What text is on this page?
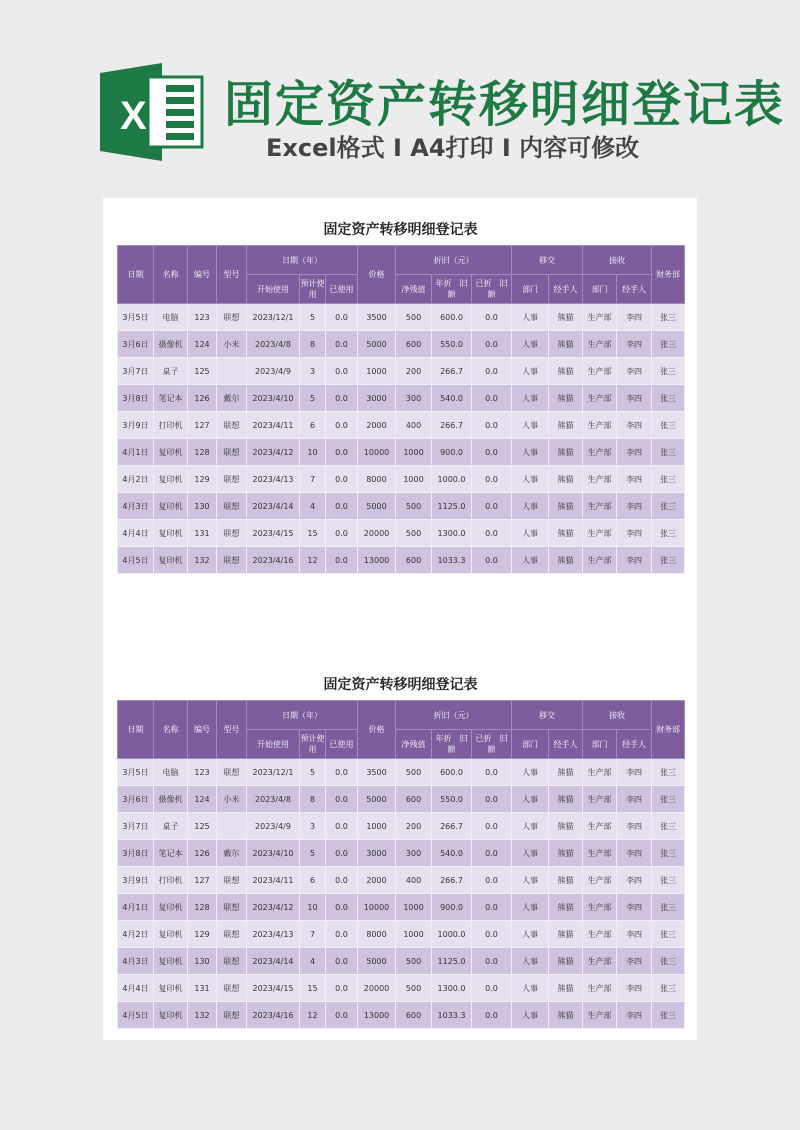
X 固定资产转移明细登记表
Excel格式 I A4打印 I 内容可修改
固定资产转移明细登记表
日期	名称	编号	型号	日期（年）			价格	折旧（元）			移交		接收		财务部
				开始使用	预计使用	已使用		净残值	年折　旧额	已折　旧额	部门	经手人	部门	经手人	
3月5日	电脑	123	联想	2023/12/1	5	0.0	3500	500	600.0	0.0	人事	熊猫	生产部	李四	张三
3月6日	摄像机	124	小米	2023/4/8	8	0.0	5000	600	550.0	0.0	人事	熊猫	生产部	李四	张三
3月7日	桌子	125		2023/4/9	3	0.0	1000	200	266.7	0.0	人事	熊猫	生产部	李四	张三
3月8日	笔记本	126	戴尔	2023/4/10	5	0.0	3000	300	540.0	0.0	人事	熊猫	生产部	李四	张三
3月9日	打印机	127	联想	2023/4/11	6	0.0	2000	400	266.7	0.0	人事	熊猫	生产部	李四	张三
4月1日	复印机	128	联想	2023/4/12	10	0.0	10000	1000	900.0	0.0	人事	熊猫	生产部	李四	张三
4月2日	复印机	129	联想	2023/4/13	7	0.0	8000	1000	1000.0	0.0	人事	熊猫	生产部	李四	张三
4月3日	复印机	130	联想	2023/4/14	4	0.0	5000	500	1125.0	0.0	人事	熊猫	生产部	李四	张三
4月4日	复印机	131	联想	2023/4/15	15	0.0	20000	500	1300.0	0.0	人事	熊猫	生产部	李四	张三
4月5日	复印机	132	联想	2023/4/16	12	0.0	13000	600	1033.3	0.0	人事	熊猫	生产部	李四	张三
固定资产转移明细登记表
日期	名称	编号	型号	日期（年）			价格	折旧（元）			移交		接收		财务部
				开始使用	预计使用	已使用		净残值	年折　旧额	已折　旧额	部门	经手人	部门	经手人	
3月5日	电脑	123	联想	2023/12/1	5	0.0	3500	500	600.0	0.0	人事	熊猫	生产部	李四	张三
3月6日	摄像机	124	小米	2023/4/8	8	0.0	5000	600	550.0	0.0	人事	熊猫	生产部	李四	张三
3月7日	桌子	125		2023/4/9	3	0.0	1000	200	266.7	0.0	人事	熊猫	生产部	李四	张三
3月8日	笔记本	126	戴尔	2023/4/10	5	0.0	3000	300	540.0	0.0	人事	熊猫	生产部	李四	张三
3月9日	打印机	127	联想	2023/4/11	6	0.0	2000	400	266.7	0.0	人事	熊猫	生产部	李四	张三
4月1日	复印机	128	联想	2023/4/12	10	0.0	10000	1000	900.0	0.0	人事	熊猫	生产部	李四	张三
4月2日	复印机	129	联想	2023/4/13	7	0.0	8000	1000	1000.0	0.0	人事	熊猫	生产部	李四	张三
4月3日	复印机	130	联想	2023/4/14	4	0.0	5000	500	1125.0	0.0	人事	熊猫	生产部	李四	张三
4月4日	复印机	131	联想	2023/4/15	15	0.0	20000	500	1300.0	0.0	人事	熊猫	生产部	李四	张三
4月5日	复印机	132	联想	2023/4/16	12	0.0	13000	600	1033.3	0.0	人事	熊猫	生产部	李四	张三
